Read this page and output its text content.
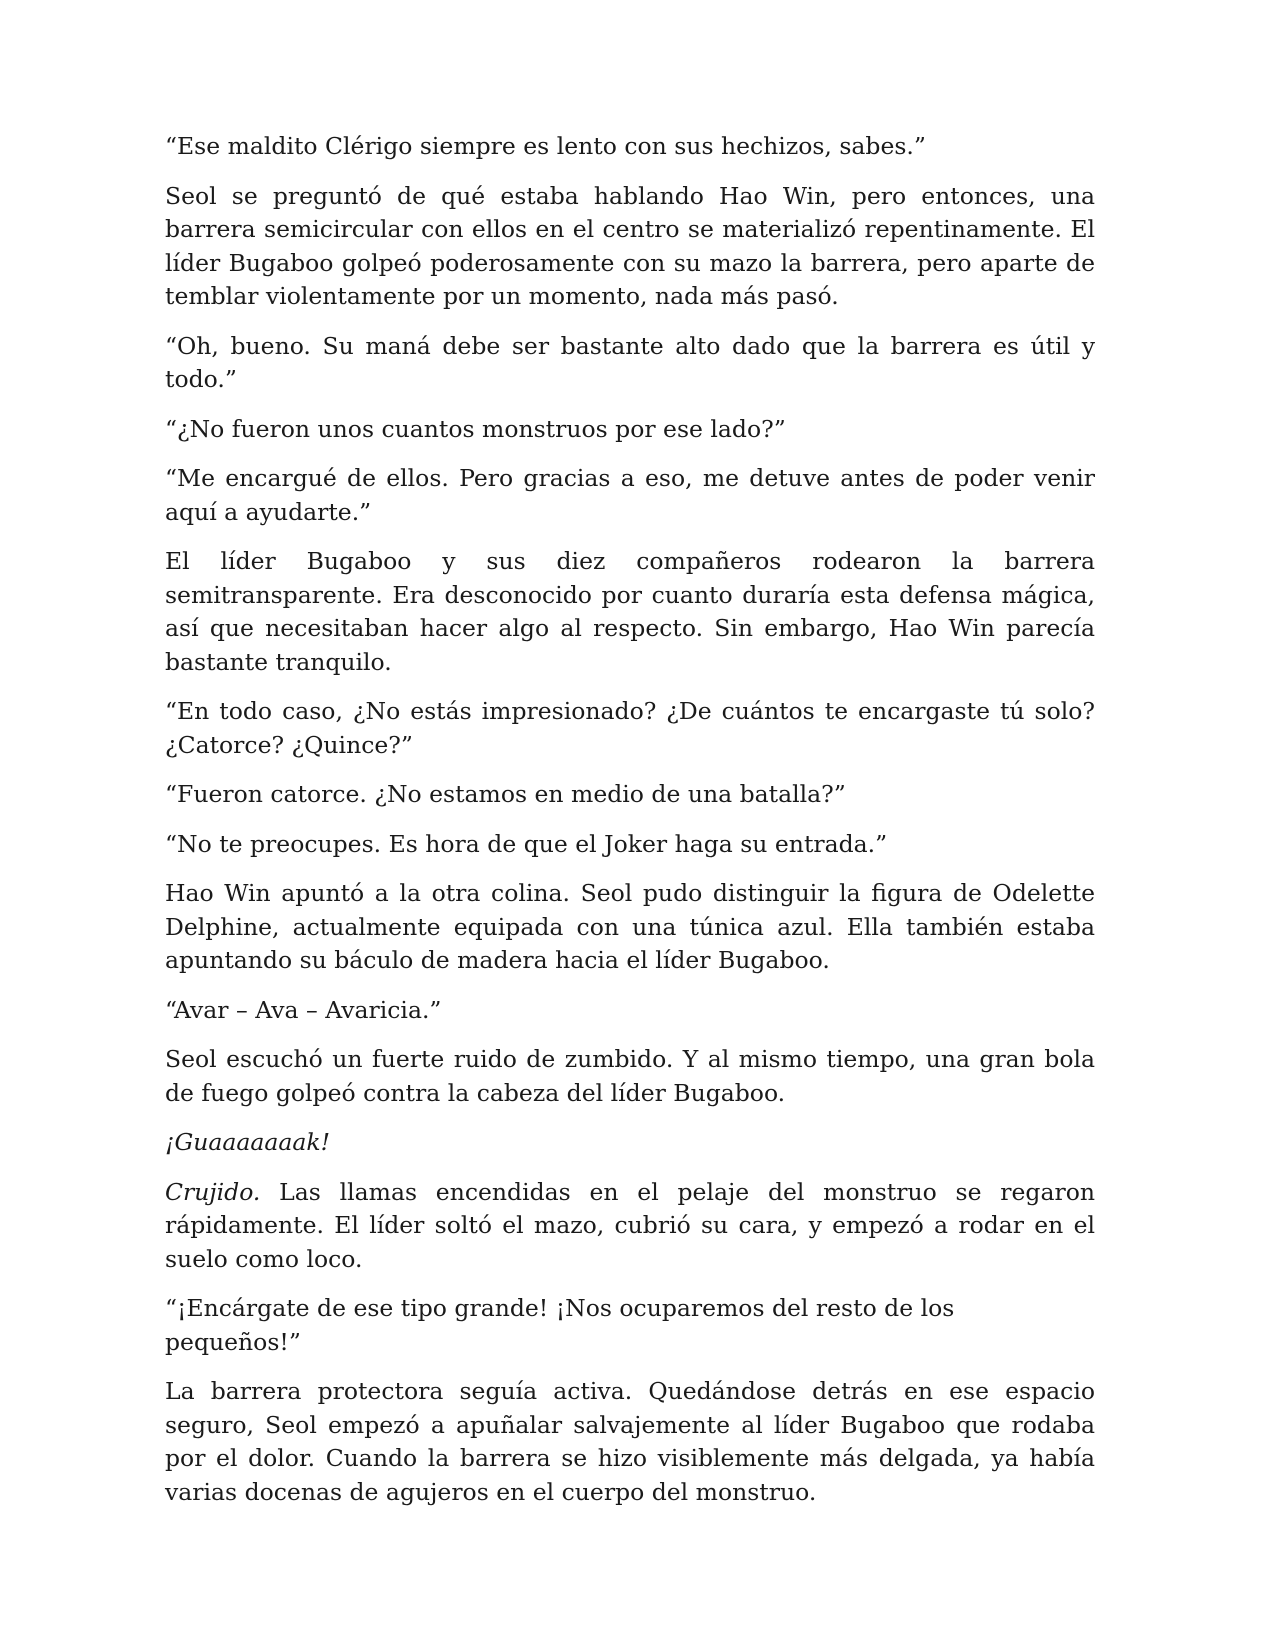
“Ese maldito Clérigo siempre es lento con sus hechizos, sabes.”

Seol se preguntó de qué estaba hablando Hao Win, pero entonces, una barrera semicircular con ellos en el centro se materializó repentinamente. El líder Bugaboo golpeó poderosamente con su mazo la barrera, pero aparte de temblar violentamente por un momento, nada más pasó.

“Oh, bueno. Su maná debe ser bastante alto dado que la barrera es útil y todo.”

“¿No fueron unos cuantos monstruos por ese lado?”

“Me encargué de ellos. Pero gracias a eso, me detuve antes de poder venir aquí a ayudarte.”

El líder Bugaboo y sus diez compañeros rodearon la barrera semitransparente. Era desconocido por cuanto duraría esta defensa mágica, así que necesitaban hacer algo al respecto. Sin embargo, Hao Win parecía bastante tranquilo.

“En todo caso, ¿No estás impresionado? ¿De cuántos te encargaste tú solo? ¿Catorce? ¿Quince?”

“Fueron catorce. ¿No estamos en medio de una batalla?”

“No te preocupes. Es hora de que el Joker haga su entrada.”

Hao Win apuntó a la otra colina. Seol pudo distinguir la figura de Odelette Delphine, actualmente equipada con una túnica azul. Ella también estaba apuntando su báculo de madera hacia el líder Bugaboo.

“Avar – Ava – Avaricia.”

Seol escuchó un fuerte ruido de zumbido. Y al mismo tiempo, una gran bola de fuego golpeó contra la cabeza del líder Bugaboo.

¡Guaaaaaaak!

Crujido. Las llamas encendidas en el pelaje del monstruo se regaron rápidamente. El líder soltó el mazo, cubrió su cara, y empezó a rodar en el suelo como loco.

“¡Encárgate de ese tipo grande! ¡Nos ocuparemos del resto de los pequeños!”

La barrera protectora seguía activa. Quedándose detrás en ese espacio seguro, Seol empezó a apuñalar salvajemente al líder Bugaboo que rodaba por el dolor. Cuando la barrera se hizo visiblemente más delgada, ya había varias docenas de agujeros en el cuerpo del monstruo.
